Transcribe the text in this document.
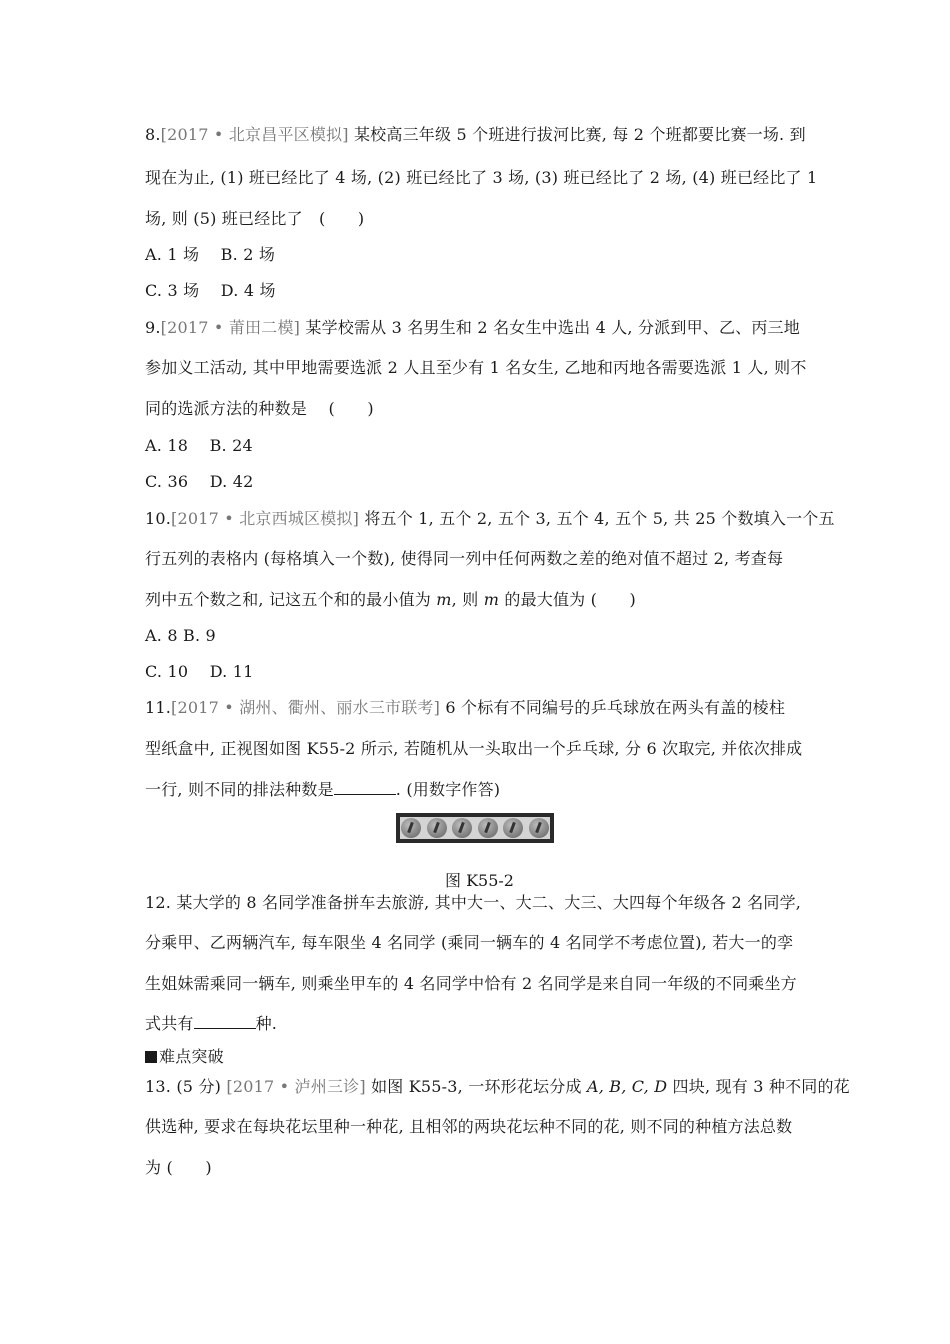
8.[2017 • 北京昌平区模拟] 某校高三年级 5 个班进行拔河比赛, 每 2 个班都要比赛一场. 到
现在为止, (1) 班已经比了 4 场, (2) 班已经比了 3 场, (3) 班已经比了 2 场, (4) 班已经比了 1
场, 则 (5) 班已经比了　(　　)
A. 1 场　 B. 2 场
C. 3 场　 D. 4 场
9.[2017 • 莆田二模] 某学校需从 3 名男生和 2 名女生中选出 4 人, 分派到甲、乙、丙三地
参加义工活动, 其中甲地需要选派 2 人且至少有 1 名女生, 乙地和丙地各需要选派 1 人, 则不
同的选派方法的种数是　 (　　)
A. 18　 B. 24
C. 36　 D. 42
10.[2017 • 北京西城区模拟] 将五个 1, 五个 2, 五个 3, 五个 4, 五个 5, 共 25 个数填入一个五
行五列的表格内 (每格填入一个数), 使得同一列中任何两数之差的绝对值不超过 2, 考查每
列中五个数之和, 记这五个和的最小值为 m, 则 m 的最大值为 (　　)
A. 8 B. 9
C. 10　 D. 11
11.[2017 • 湖州、衢州、丽水三市联考] 6 个标有不同编号的乒乓球放在两头有盖的棱柱
型纸盒中, 正视图如图 K55-2 所示, 若随机从一头取出一个乒乓球, 分 6 次取完, 并依次排成
一行, 则不同的排法种数是	. (用数字作答)
图 K55-2
12. 某大学的 8 名同学准备拼车去旅游, 其中大一、大二、大三、大四每个年级各 2 名同学,
分乘甲、乙两辆汽车, 每车限坐 4 名同学 (乘同一辆车的 4 名同学不考虑位置), 若大一的孪
生姐妹需乘同一辆车, 则乘坐甲车的 4 名同学中恰有 2 名同学是来自同一年级的不同乘坐方
式共有	种.
难点突破
13. (5 分) [2017 • 泸州三诊] 如图 K55-3, 一环形花坛分成 A, B, C, D 四块, 现有 3 种不同的花
供选种, 要求在每块花坛里种一种花, 且相邻的两块花坛种不同的花, 则不同的种植方法总数
为 (　　)
